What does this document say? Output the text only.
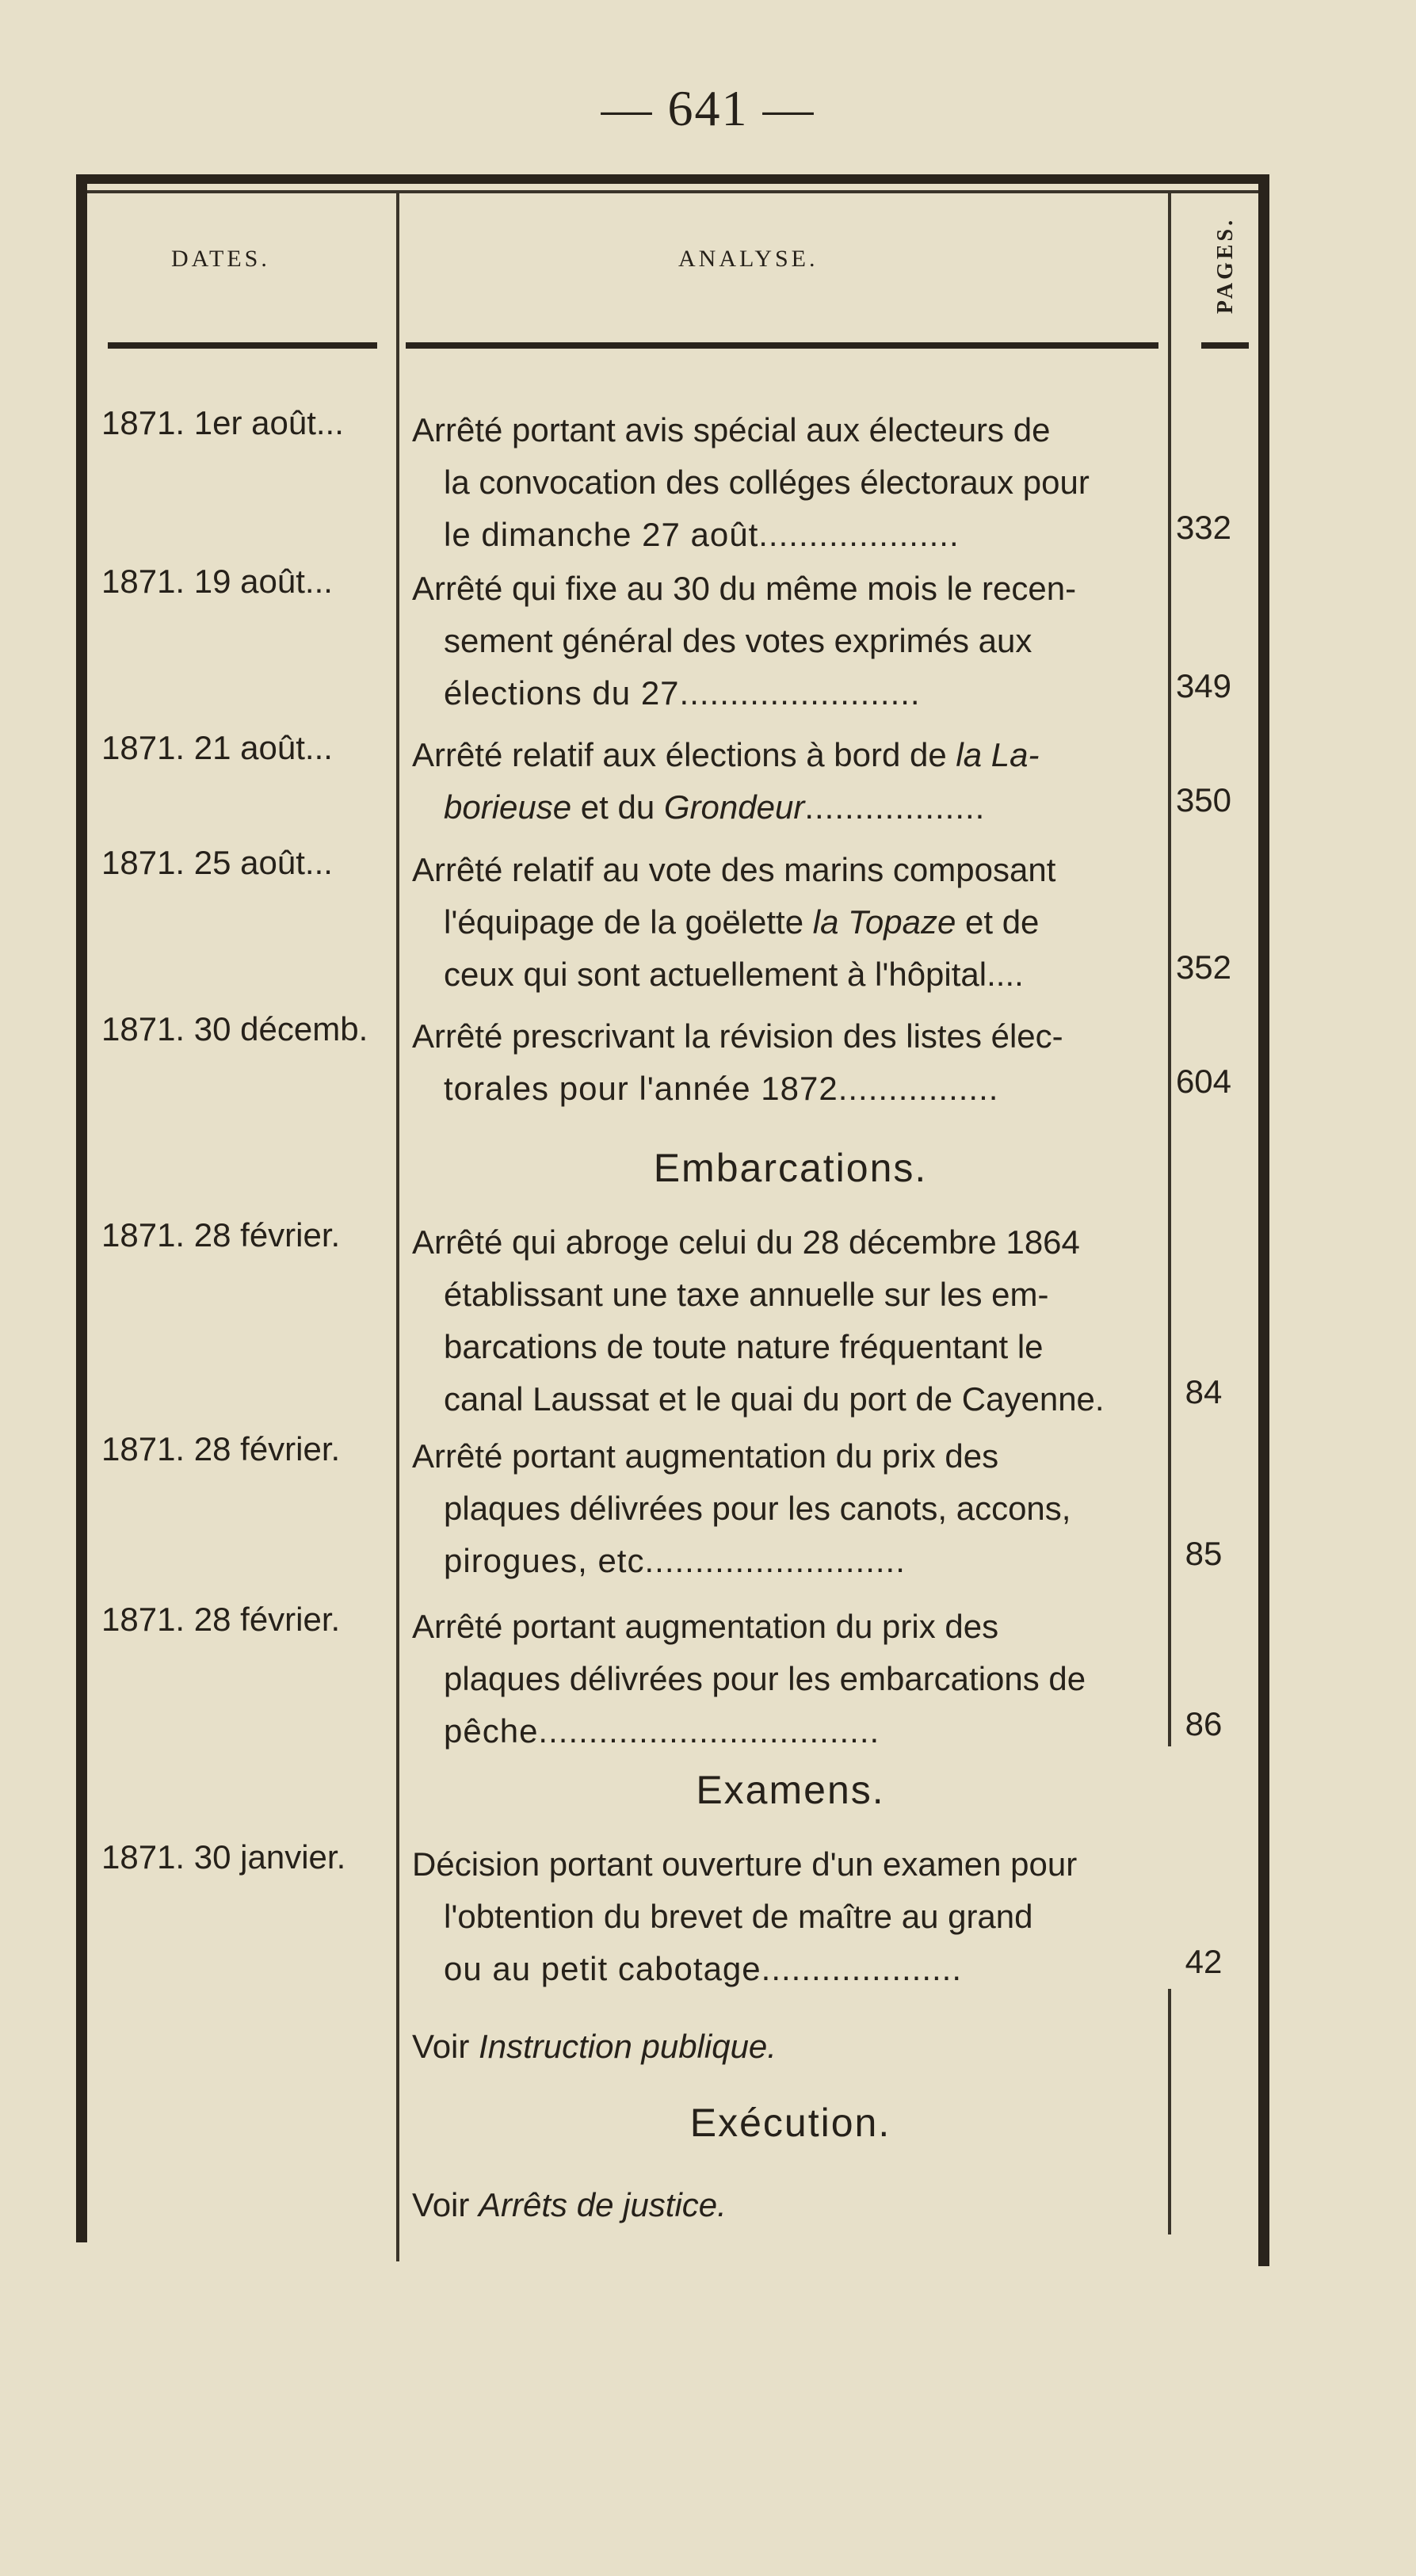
— 641 —
DATES.	ANALYSE.	PAGES.
1871. 1er août...	Arrêté portant avis spécial aux électeurs de
la convocation des colléges électoraux pour
le dimanche 27 août....................	332
1871. 19 août...	Arrêté qui fixe au 30 du même mois le recen-
sement général des votes exprimés aux
élections du 27........................	349
1871. 21 août...	Arrêté relatif aux élections à bord de la La-
borieuse et du Grondeur..................	350
1871. 25 août...	Arrêté relatif au vote des marins composant
l'équipage de la goëlette la Topaze et de
ceux qui sont actuellement à l'hôpital....	352
1871. 30 décemb.	Arrêté prescrivant la révision des listes élec-
torales pour l'année 1872................	604
Embarcations.
1871. 28 février.	Arrêté qui abroge celui du 28 décembre 1864
établissant une taxe annuelle sur les em-
barcations de toute nature fréquentant le
canal Laussat et le quai du port de Cayenne.	84
1871. 28 février.	Arrêté portant augmentation du prix des
plaques délivrées pour les canots, accons,
pirogues, etc..........................	85
1871. 28 février.	Arrêté portant augmentation du prix des
plaques délivrées pour les embarcations de
pêche..................................	86
Examens.
1871. 30 janvier.	Décision portant ouverture d'un examen pour
l'obtention du brevet de maître au grand
ou au petit cabotage....................	42
Voir Instruction publique.
Exécution.
Voir Arrêts de justice.
